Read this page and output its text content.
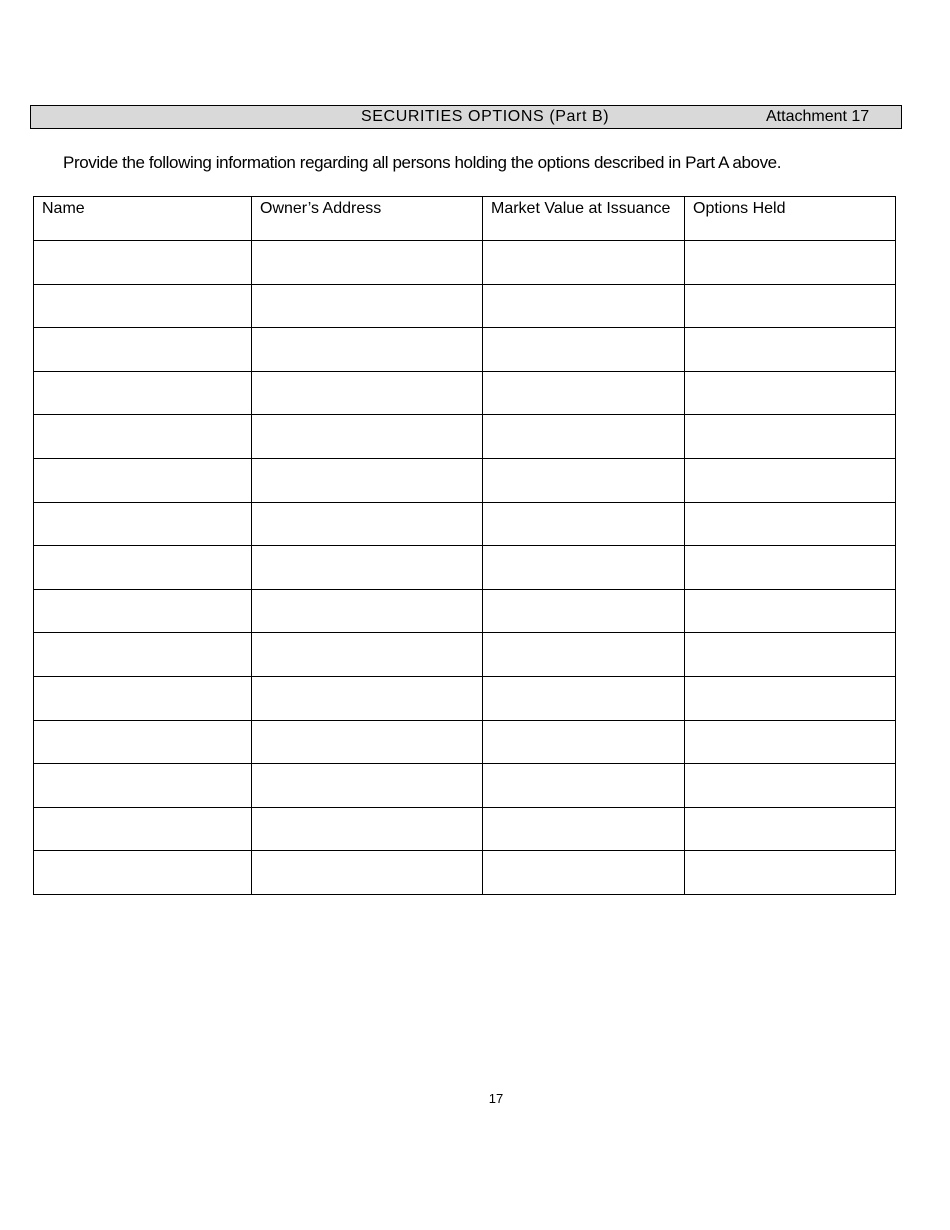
SECURITIES OPTIONS (Part B)	Attachment 17
Provide the following information regarding all persons holding the options described in Part A above.
Name	Owner’s Address	Market Value at Issuance	Options Held

17
